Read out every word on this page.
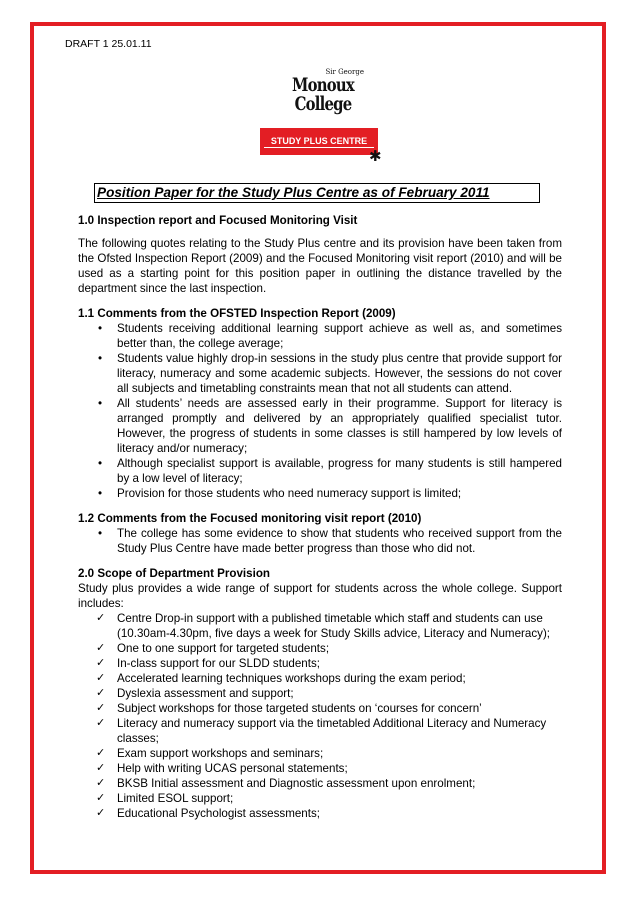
DRAFT 1 25.01.11
Sir George
Monoux
College
STUDY PLUS CENTRE
✱
Position Paper for the Study Plus Centre as of February 2011
1.0 Inspection report and Focused Monitoring Visit

The following quotes relating to the Study Plus centre and its provision have been taken from the Ofsted Inspection Report (2009) and the Focused Monitoring visit report (2010) and will be used as a starting point for this position paper in outlining the distance travelled by the department since the last inspection.

1.1 Comments from the OFSTED Inspection Report (2009)
• Students receiving additional learning support achieve as well as, and sometimes better than, the college average;
• Students value highly drop-in sessions in the study plus centre that provide support for literacy, numeracy and some academic subjects. However, the sessions do not cover all subjects and timetabling constraints mean that not all students can attend.
• All students’ needs are assessed early in their programme. Support for literacy is arranged promptly and delivered by an appropriately qualified specialist tutor. However, the progress of students in some classes is still hampered by low levels of literacy and/or numeracy;
• Although specialist support is available, progress for many students is still hampered by a low level of literacy;
• Provision for those students who need numeracy support is limited;
1.2 Comments from the Focused monitoring visit report (2010)
• The college has some evidence to show that students who received support from the Study Plus Centre have made better progress than those who did not.
2.0 Scope of Department Provision

Study plus provides a wide range of support for students across the whole college. Support includes:

✓ Centre Drop-in support with a published timetable which staff and students can use (10.30am-4.30pm, five days a week for Study Skills advice, Literacy and Numeracy);
✓ One to one support for targeted students;
✓ In-class support for our SLDD students;
✓ Accelerated learning techniques workshops during the exam period;
✓ Dyslexia assessment and support;
✓ Subject workshops for those targeted students on ‘courses for concern’
✓ Literacy and numeracy support via the timetabled Additional Literacy and Numeracy classes;
✓ Exam support workshops and seminars;
✓ Help with writing UCAS personal statements;
✓ BKSB Initial assessment and Diagnostic assessment upon enrolment;
✓ Limited ESOL support;
✓ Educational Psychologist assessments;
